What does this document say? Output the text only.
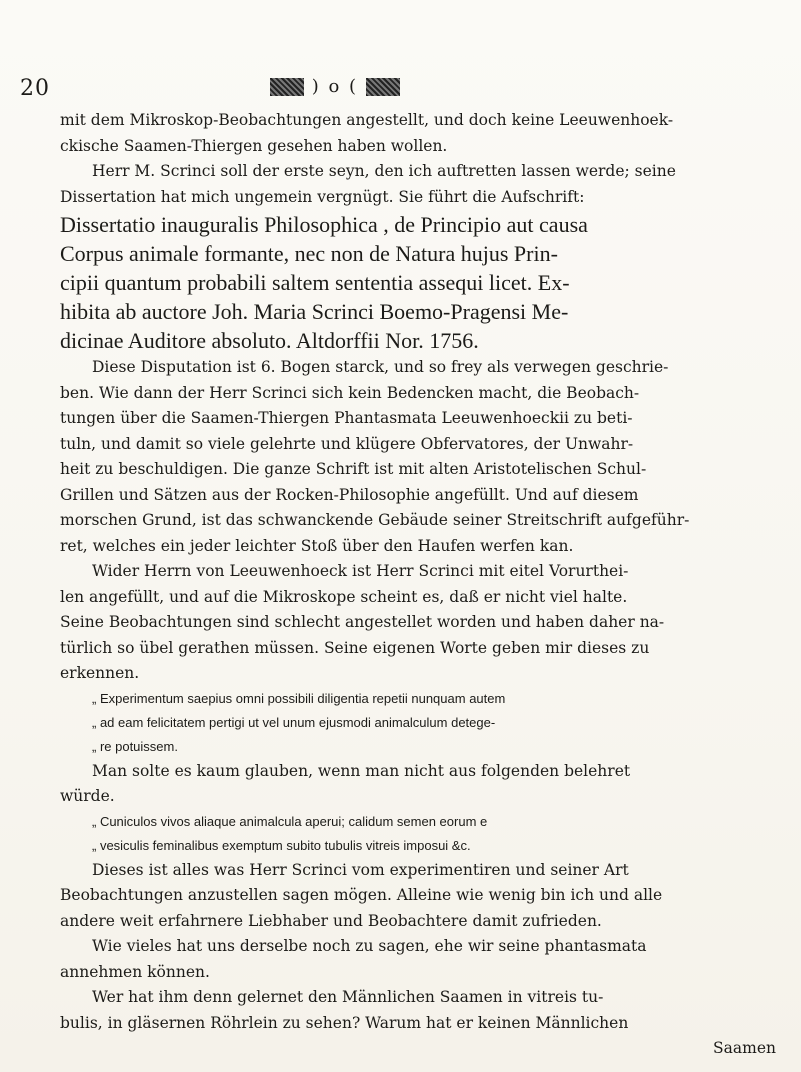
20	) o (
mit dem Mikroskop-Beobachtungen angestellt, und doch keine Leeuwenhoek-
ckische Saamen-Thiergen gesehen haben wollen.
Herr M. Scrinci soll der erste seyn, den ich auftretten lassen werde; seine
Dissertation hat mich ungemein vergnügt. Sie führt die Aufschrift:
Dissertatio inauguralis Philosophica , de Principio aut causa
Corpus animale formante, nec non de Natura hujus Prin-
cipii quantum probabili saltem sententia assequi licet. Ex-
hibita ab auctore Joh. Maria Scrinci Boemo-Pragensi Me-
dicinae Auditore absoluto. Altdorffii Nor. 1756.
Diese Disputation ist 6. Bogen starck, und so frey als verwegen geschrie-
ben. Wie dann der Herr Scrinci sich kein Bedencken macht, die Beobach-
tungen über die Saamen-Thiergen Phantasmata Leeuwenhoeckii zu beti-
tuln, und damit so viele gelehrte und klügere Obfervatores, der Unwahr-
heit zu beschuldigen. Die ganze Schrift ist mit alten Aristotelischen Schul-
Grillen und Sätzen aus der Rocken-Philosophie angefüllt. Und auf diesem
morschen Grund, ist das schwanckende Gebäude seiner Streitschrift aufgeführ-
ret, welches ein jeder leichter Stoß über den Haufen werfen kan.
Wider Herrn von Leeuwenhoeck ist Herr Scrinci mit eitel Vorurthei-
len angefüllt, und auf die Mikroskope scheint es, daß er nicht viel halte.
Seine Beobachtungen sind schlecht angestellet worden und haben daher na-
türlich so übel gerathen müssen. Seine eigenen Worte geben mir dieses zu
erkennen.
„ Experimentum saepius omni possibili diligentia repetii nunquam autem
„ ad eam felicitatem pertigi ut vel unum ejusmodi animalculum detege-
„ re potuissem.
Man solte es kaum glauben, wenn man nicht aus folgenden belehret
würde.
„ Cuniculos vivos aliaque animalcula aperui; calidum semen eorum e
„ vesiculis feminalibus exemptum subito tubulis vitreis imposui &c.
Dieses ist alles was Herr Scrinci vom experimentiren und seiner Art
Beobachtungen anzustellen sagen mögen. Alleine wie wenig bin ich und alle
andere weit erfahrnere Liebhaber und Beobachtere damit zufrieden.
Wie vieles hat uns derselbe noch zu sagen, ehe wir seine phantasmata
annehmen können.
Wer hat ihm denn gelernet den Männlichen Saamen in vitreis tu-
bulis, in gläsernen Röhrlein zu sehen? Warum hat er keinen Männlichen
Saamen
